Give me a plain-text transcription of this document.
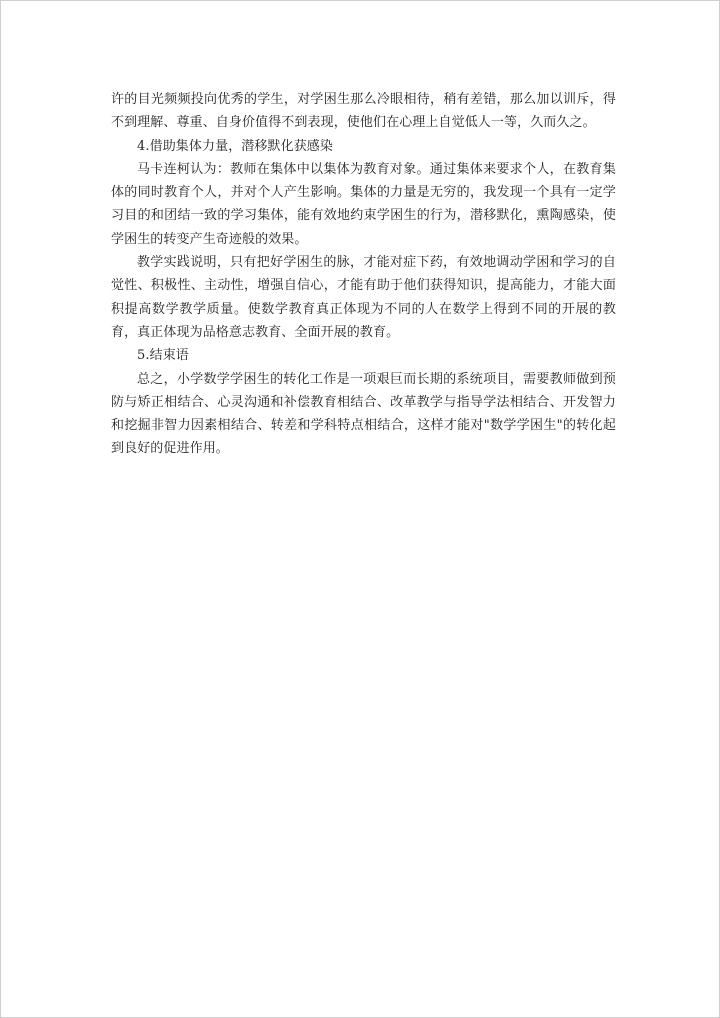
许的目光频频投向优秀的学生，对学困生那么冷眼相待，稍有差错，那么加以训斥，得不到理解、尊重、自身价值得不到表现，使他们在心理上自觉低人一等，久而久之。

4.借助集体力量，潜移默化获感染

马卡连柯认为：教师在集体中以集体为教育对象。通过集体来要求个人，在教育集体的同时教育个人，并对个人产生影响。集体的力量是无穷的，我发现一个具有一定学习目的和团结一致的学习集体，能有效地约束学困生的行为，潜移默化，熏陶感染，使学困生的转变产生奇迹般的效果。

教学实践说明，只有把好学困生的脉，才能对症下药，有效地调动学困和学习的自觉性、积极性、主动性，增强自信心，才能有助于他们获得知识，提高能力，才能大面积提高数学教学质量。使数学教育真正体现为不同的人在数学上得到不同的开展的教育，真正体现为品格意志教育、全面开展的教育。

5.结束语

总之，小学数学学困生的转化工作是一项艰巨而长期的系统项目，需要教师做到预防与矫正相结合、心灵沟通和补偿教育相结合、改革教学与指导学法相结合、开发智力和挖掘非智力因素相结合、转差和学科特点相结合，这样才能对"数学学困生"的转化起到良好的促进作用。
